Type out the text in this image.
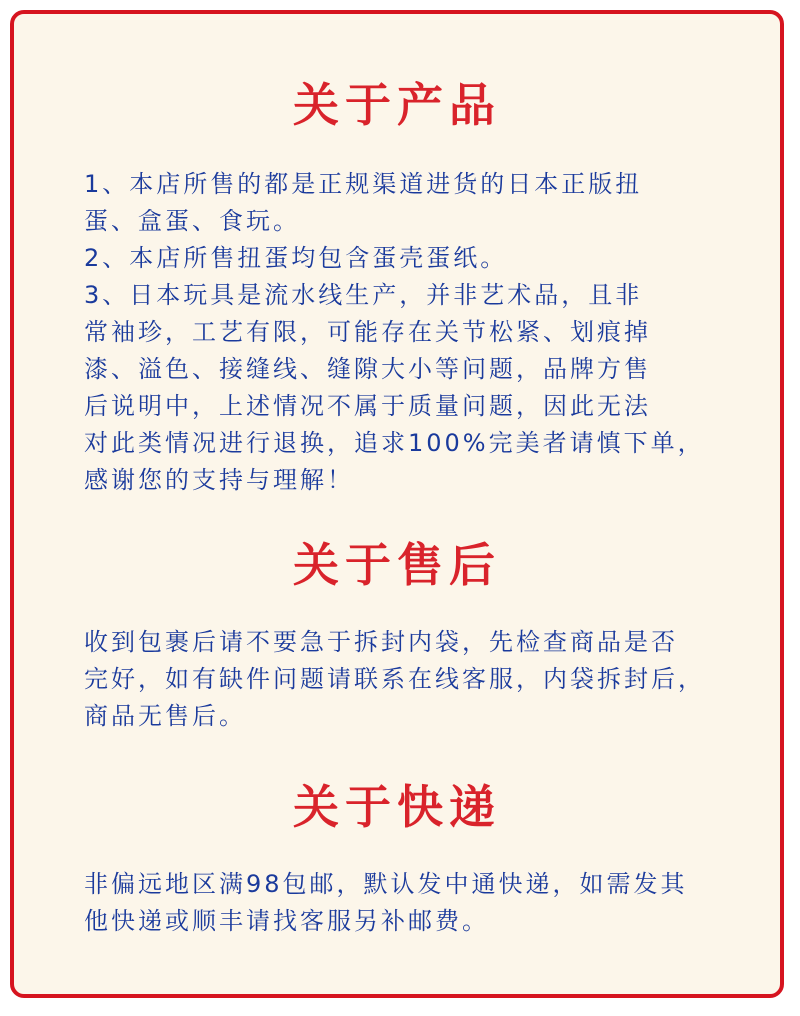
关于产品
1、本店所售的都是正规渠道进货的日本正版扭
蛋、盒蛋、食玩。
2、本店所售扭蛋均包含蛋壳蛋纸。
3、日本玩具是流水线生产，并非艺术品，且非
常袖珍，工艺有限，可能存在关节松紧、划痕掉
漆、溢色、接缝线、缝隙大小等问题，品牌方售
后说明中，上述情况不属于质量问题，因此无法
对此类情况进行退换，追求100%完美者请慎下单，
感谢您的支持与理解！
关于售后
收到包裹后请不要急于拆封内袋，先检查商品是否
完好，如有缺件问题请联系在线客服，内袋拆封后，
商品无售后。
关于快递
非偏远地区满98包邮，默认发中通快递，如需发其
他快递或顺丰请找客服另补邮费。
